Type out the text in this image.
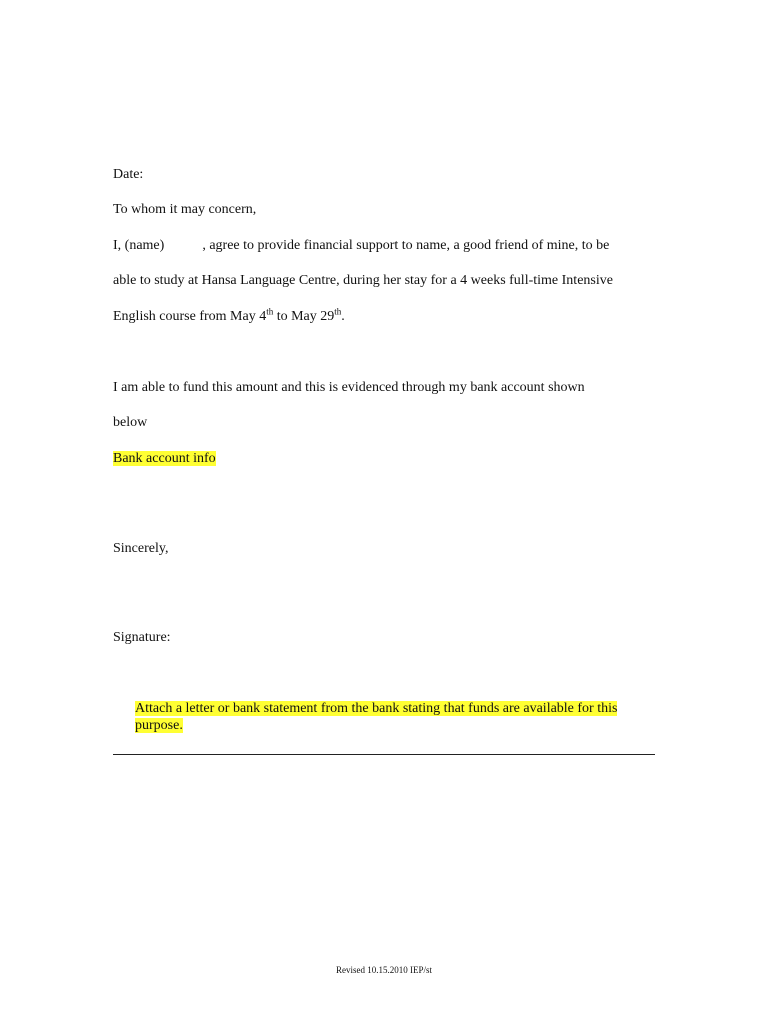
Date:
To whom it may concern,
I, (name)	, agree to provide financial support to name, a good friend of mine, to be
able to study at Hansa Language Centre, during her stay for a 4 weeks full-time Intensive
English course from May 4th to May 29th.
I am able to fund this amount and this is evidenced through my bank account shown
below
Bank account info
Sincerely,
Signature:
Attach a letter or bank statement from the bank stating that funds are available for this purpose.
Revised 10.15.2010 IEP/st
